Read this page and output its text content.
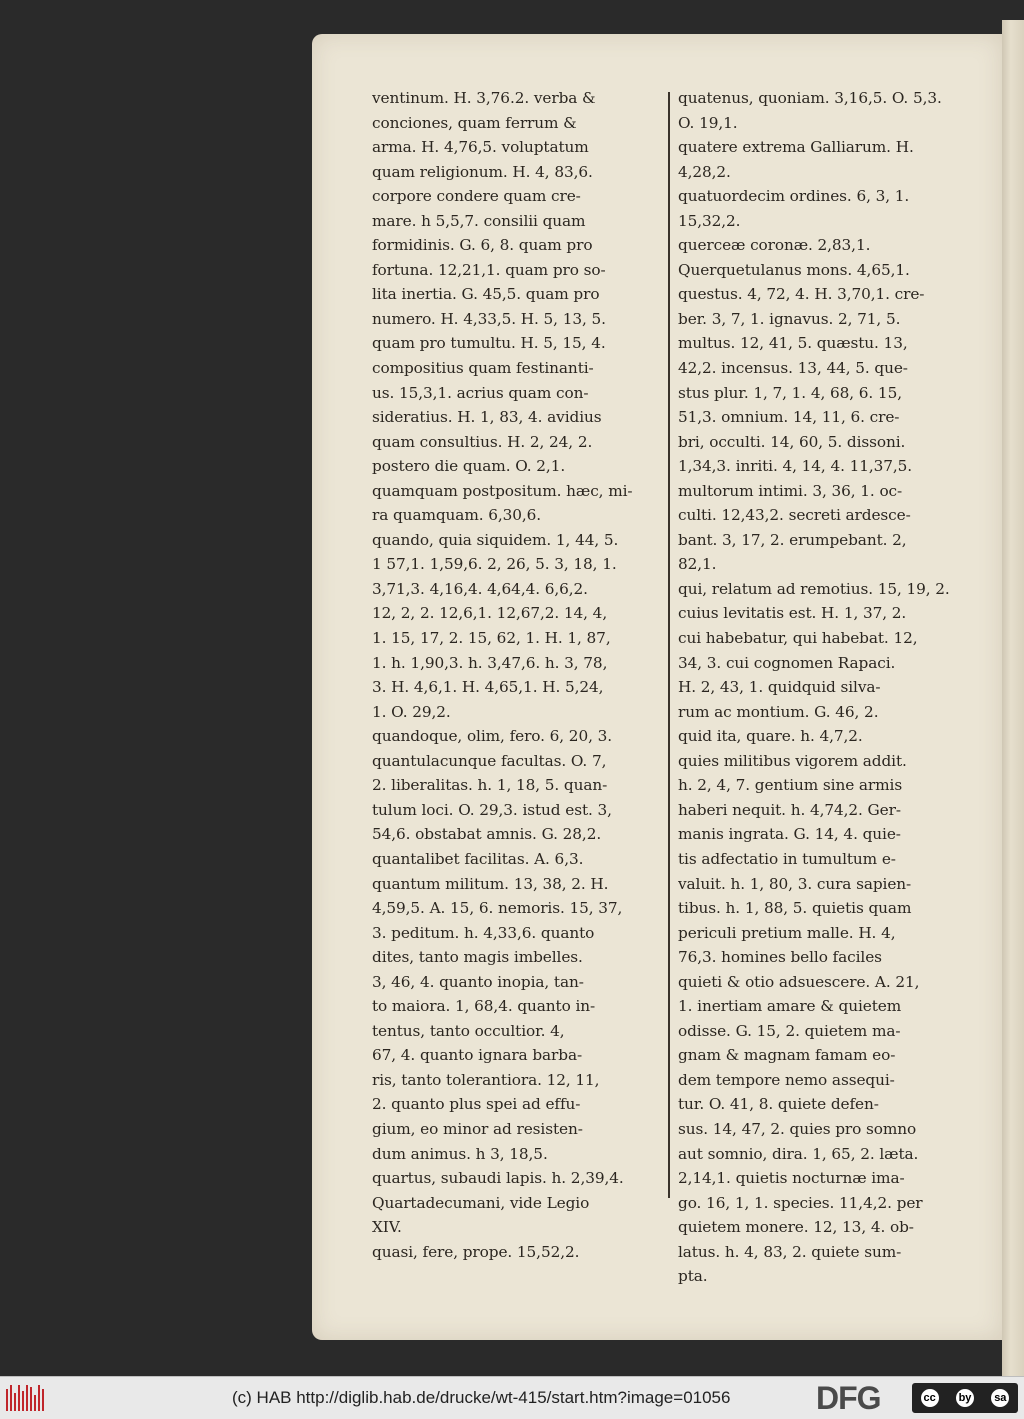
ventinum. H. 3,76.2. verba &
conciones, quam ferrum &
arma. H. 4,76,5. voluptatum
quam religionum. H. 4, 83,6.
corpore condere quam cre-
mare. h 5,5,7. consilii quam
formidinis. G. 6, 8. quam pro
fortuna. 12,21,1. quam pro so-
lita inertia. G. 45,5. quam pro
numero. H. 4,33,5. H. 5, 13, 5.
quam pro tumultu. H. 5, 15, 4.
compositius quam festinanti-
us. 15,3,1. acrius quam con-
sideratius. H. 1, 83, 4. avidius
quam consultius. H. 2, 24, 2.
postero die quam. O. 2,1.
quamquam postpositum. hæc, mi-
ra quamquam. 6,30,6.
quando, quia siquidem. 1, 44, 5.
1 57,1. 1,59,6. 2, 26, 5. 3, 18, 1.
3,71,3. 4,16,4. 4,64,4. 6,6,2.
12, 2, 2. 12,6,1. 12,67,2. 14, 4,
1. 15, 17, 2. 15, 62, 1. H. 1, 87,
1. h. 1,90,3. h. 3,47,6. h. 3, 78,
3. H. 4,6,1. H. 4,65,1. H. 5,24,
1. O. 29,2.
quandoque, olim, fero. 6, 20, 3.
quantulacunque facultas. O. 7,
2. liberalitas. h. 1, 18, 5. quan-
tulum loci. O. 29,3. istud est. 3,
54,6. obstabat amnis. G. 28,2.
quantalibet facilitas. A. 6,3.
quantum militum. 13, 38, 2. H.
4,59,5. A. 15, 6. nemoris. 15, 37,
3. peditum. h. 4,33,6. quanto
dites, tanto magis imbelles.
3, 46, 4. quanto inopia, tan-
to maiora. 1, 68,4. quanto in-
tentus, tanto occultior. 4,
67, 4. quanto ignara barba-
ris, tanto tolerantiora. 12, 11,
2. quanto plus spei ad effu-
gium, eo minor ad resisten-
dum animus. h 3, 18,5.
quartus, subaudi lapis. h. 2,39,4.
Quartadecumani, vide Legio
XIV.
quasi, fere, prope. 15,52,2.
quatenus, quoniam. 3,16,5. O. 5,3.
O. 19,1.
quatere extrema Galliarum. H.
4,28,2.
quatuordecim ordines. 6, 3, 1.
15,32,2.
querceæ coronæ. 2,83,1.
Querquetulanus mons. 4,65,1.
questus. 4, 72, 4. H. 3,70,1. cre-
ber. 3, 7, 1. ignavus. 2, 71, 5.
multus. 12, 41, 5. quæstu. 13,
42,2. incensus. 13, 44, 5. que-
stus plur. 1, 7, 1. 4, 68, 6. 15,
51,3. omnium. 14, 11, 6. cre-
bri, occulti. 14, 60, 5. dissoni.
1,34,3. inriti. 4, 14, 4. 11,37,5.
multorum intimi. 3, 36, 1. oc-
culti. 12,43,2. secreti ardesce-
bant. 3, 17, 2. erumpebant. 2,
82,1.
qui, relatum ad remotius. 15, 19, 2.
cuius levitatis est. H. 1, 37, 2.
cui habebatur, qui habebat. 12,
34, 3. cui cognomen Rapaci.
H. 2, 43, 1. quidquid silva-
rum ac montium. G. 46, 2.
quid ita, quare. h. 4,7,2.
quies militibus vigorem addit.
h. 2, 4, 7. gentium sine armis
haberi nequit. h. 4,74,2. Ger-
manis ingrata. G. 14, 4. quie-
tis adfectatio in tumultum e-
valuit. h. 1, 80, 3. cura sapien-
tibus. h. 1, 88, 5. quietis quam
periculi pretium malle. H. 4,
76,3. homines bello faciles
quieti & otio adsuescere. A. 21,
1. inertiam amare & quietem
odisse. G. 15, 2. quietem ma-
gnam & magnam famam eo-
dem tempore nemo assequi-
tur. O. 41, 8. quiete defen-
sus. 14, 47, 2. quies pro somno
aut somnio, dira. 1, 65, 2. læta.
2,14,1. quietis nocturnæ ima-
go. 16, 1, 1. species. 11,4,2. per
quietem monere. 12, 13, 4. ob-
latus. h. 4, 83, 2. quiete sum-
pta.
(c) HAB http://diglib.hab.de/drucke/wt-415/start.htm?image=01056	DFG	cc	by	sa
